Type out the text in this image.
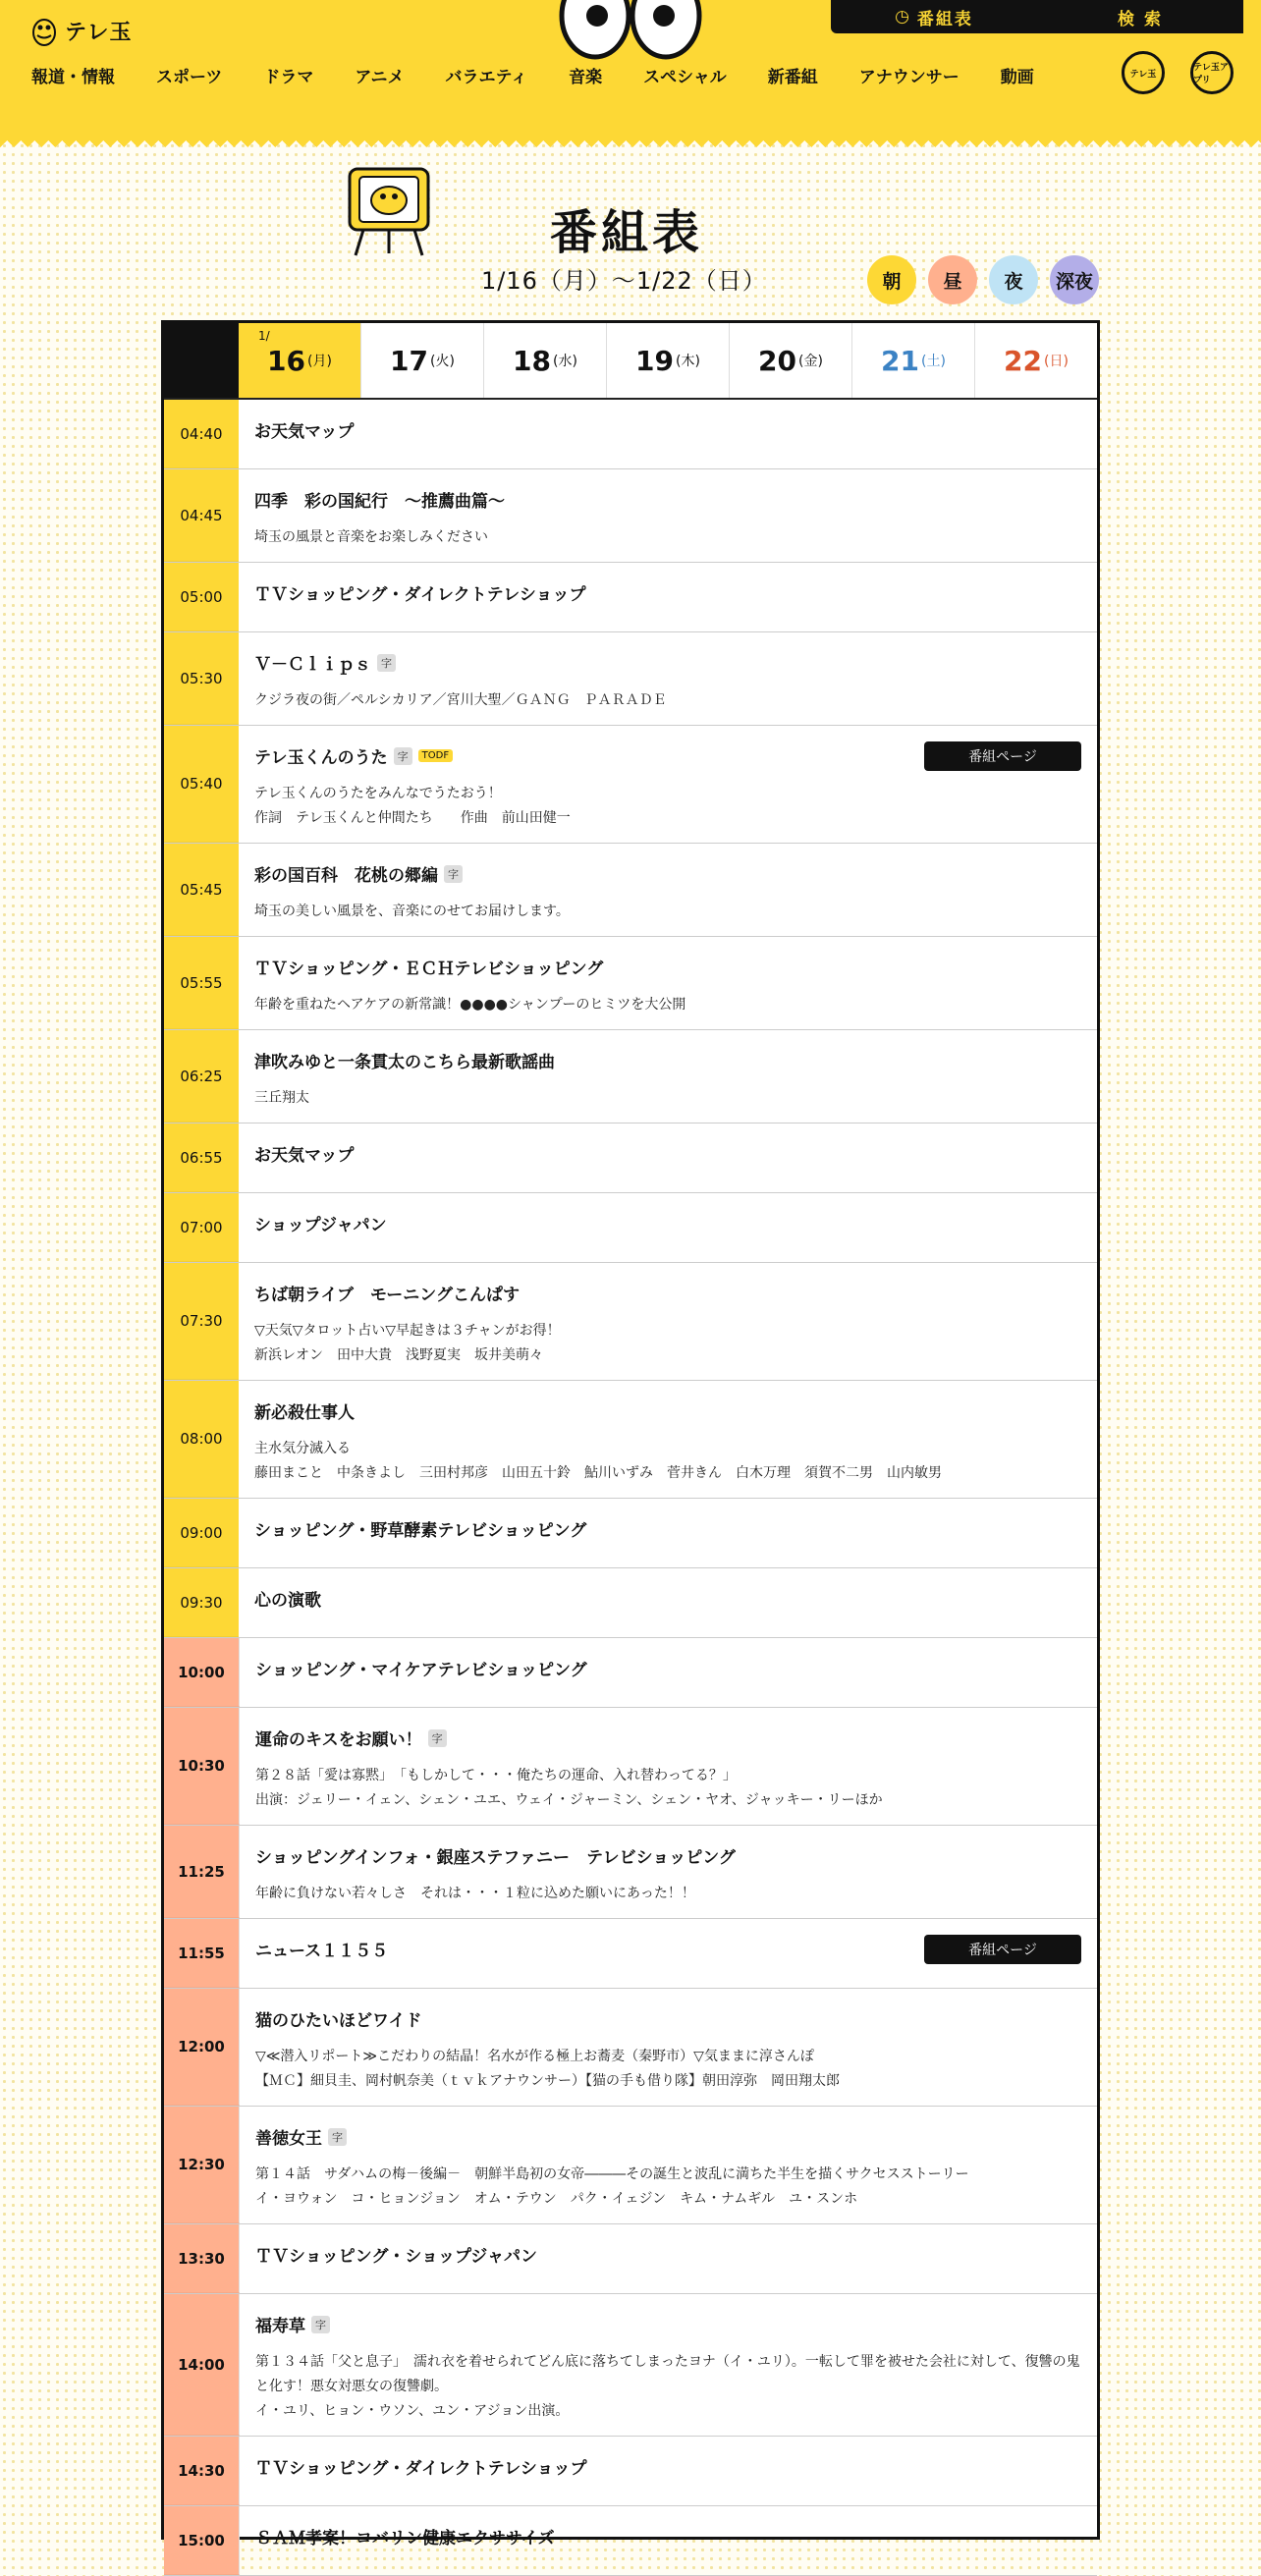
テレ玉
◷ 番組表	検 索
報道・情報	スポーツ	ドラマ	アニメ	バラエティ	音楽	スペシャル	新番組	アナウンサー	動画	テレ玉
テレ玉アプリ
番組表
1/16（月）〜1/22（日）	朝	昼	夜	深夜
1/
16 (月) 17 (火) 18 (水) 19 (木) 20 (金) 21 (土) 22 (日)
04:40	お天気マップ
04:45
四季　彩の国紀行　～推薦曲篇～
埼玉の風景と音楽をお楽しみください
05:00	ＴＶショッピング・ダイレクトテレショップ
05:30
Ｖ－Ｃｌｉｐｓ 字
クジラ夜の街／ペルシカリア／宮川大聖／ＧＡＮＧ　ＰＡＲＡＤＥ
05:40
テレ玉くんのうた 字	TODF
テレ玉くんのうたをみんなでうたおう！
作詞　テレ玉くんと仲間たち　　作曲　前山田健一
番組ページ
05:45
彩の国百科　花桃の郷編 字
埼玉の美しい風景を、音楽にのせてお届けします。
05:55
ＴＶショッピング・ＥＣＨテレビショッピング
年齢を重ねたヘアケアの新常識！●●●●シャンプーのヒミツを大公開
06:25
津吹みゆと一条貫太のこちら最新歌謡曲
三丘翔太
06:55	お天気マップ
07:00	ショップジャパン
07:30
ちば朝ライブ　モーニングこんぱす
▽天気▽タロット占い▽早起きは３チャンがお得！
新浜レオン　田中大貴　浅野夏実　坂井美萌々
08:00
新必殺仕事人
主水気分滅入る
藤田まこと　中条きよし　三田村邦彦　山田五十鈴　鮎川いずみ　菅井きん　白木万理　須賀不二男　山内敏男
09:00	ショッピング・野草酵素テレビショッピング
09:30	心の演歌
10:00	ショッピング・マイケアテレビショッピング
10:30
運命のキスをお願い！ 字
第２８話「愛は寡黙」　「もしかして・・・俺たちの運命、入れ替わってる？」
出演：ジェリー・イェン、シェン・ユエ、ウェイ・ジャーミン、シェン・ヤオ、ジャッキー・リーほか
11:25
ショッピングインフォ・銀座ステファニー　テレビショッピング
年齢に負けない若々しさ　それは・・・１粒に込めた願いにあった！！
11:55	ニュース１１５５	番組ページ
12:00
猫のひたいほどワイド
▽≪潜入リポート≫こだわりの結晶！名水が作る極上お蕎麦（秦野市）▽気ままに淳さんぽ
【ＭＣ】細貝圭、岡村帆奈美（ｔｖｋアナウンサー）【猫の手も借り隊】朝田淳弥　岡田翔太郎
12:30
善徳女王 字
第１４話　サダハムの梅－後編－　朝鮮半島初の女帝―――その誕生と波乱に満ちた半生を描くサクセスストーリー
イ・ヨウォン　コ・ヒョンジョン　オム・テウン　パク・イェジン　キム・ナムギル　ユ・スンホ
13:30	ＴＶショッピング・ショップジャパン
14:00
福寿草 字
第１３４話「父と息子」　濡れ衣を着せられてどん底に落ちてしまったヨナ（イ・ユリ）。一転して罪を被せた会社に対して、復讐の鬼と化す！悪女対悪女の復讐劇。
イ・ユリ、ヒョン・ウソン、ユン・アジョン出演。
14:30	ＴＶショッピング・ダイレクトテレショップ
15:00	ＳＡＭ孝案！コバリン健康エクササイズ
